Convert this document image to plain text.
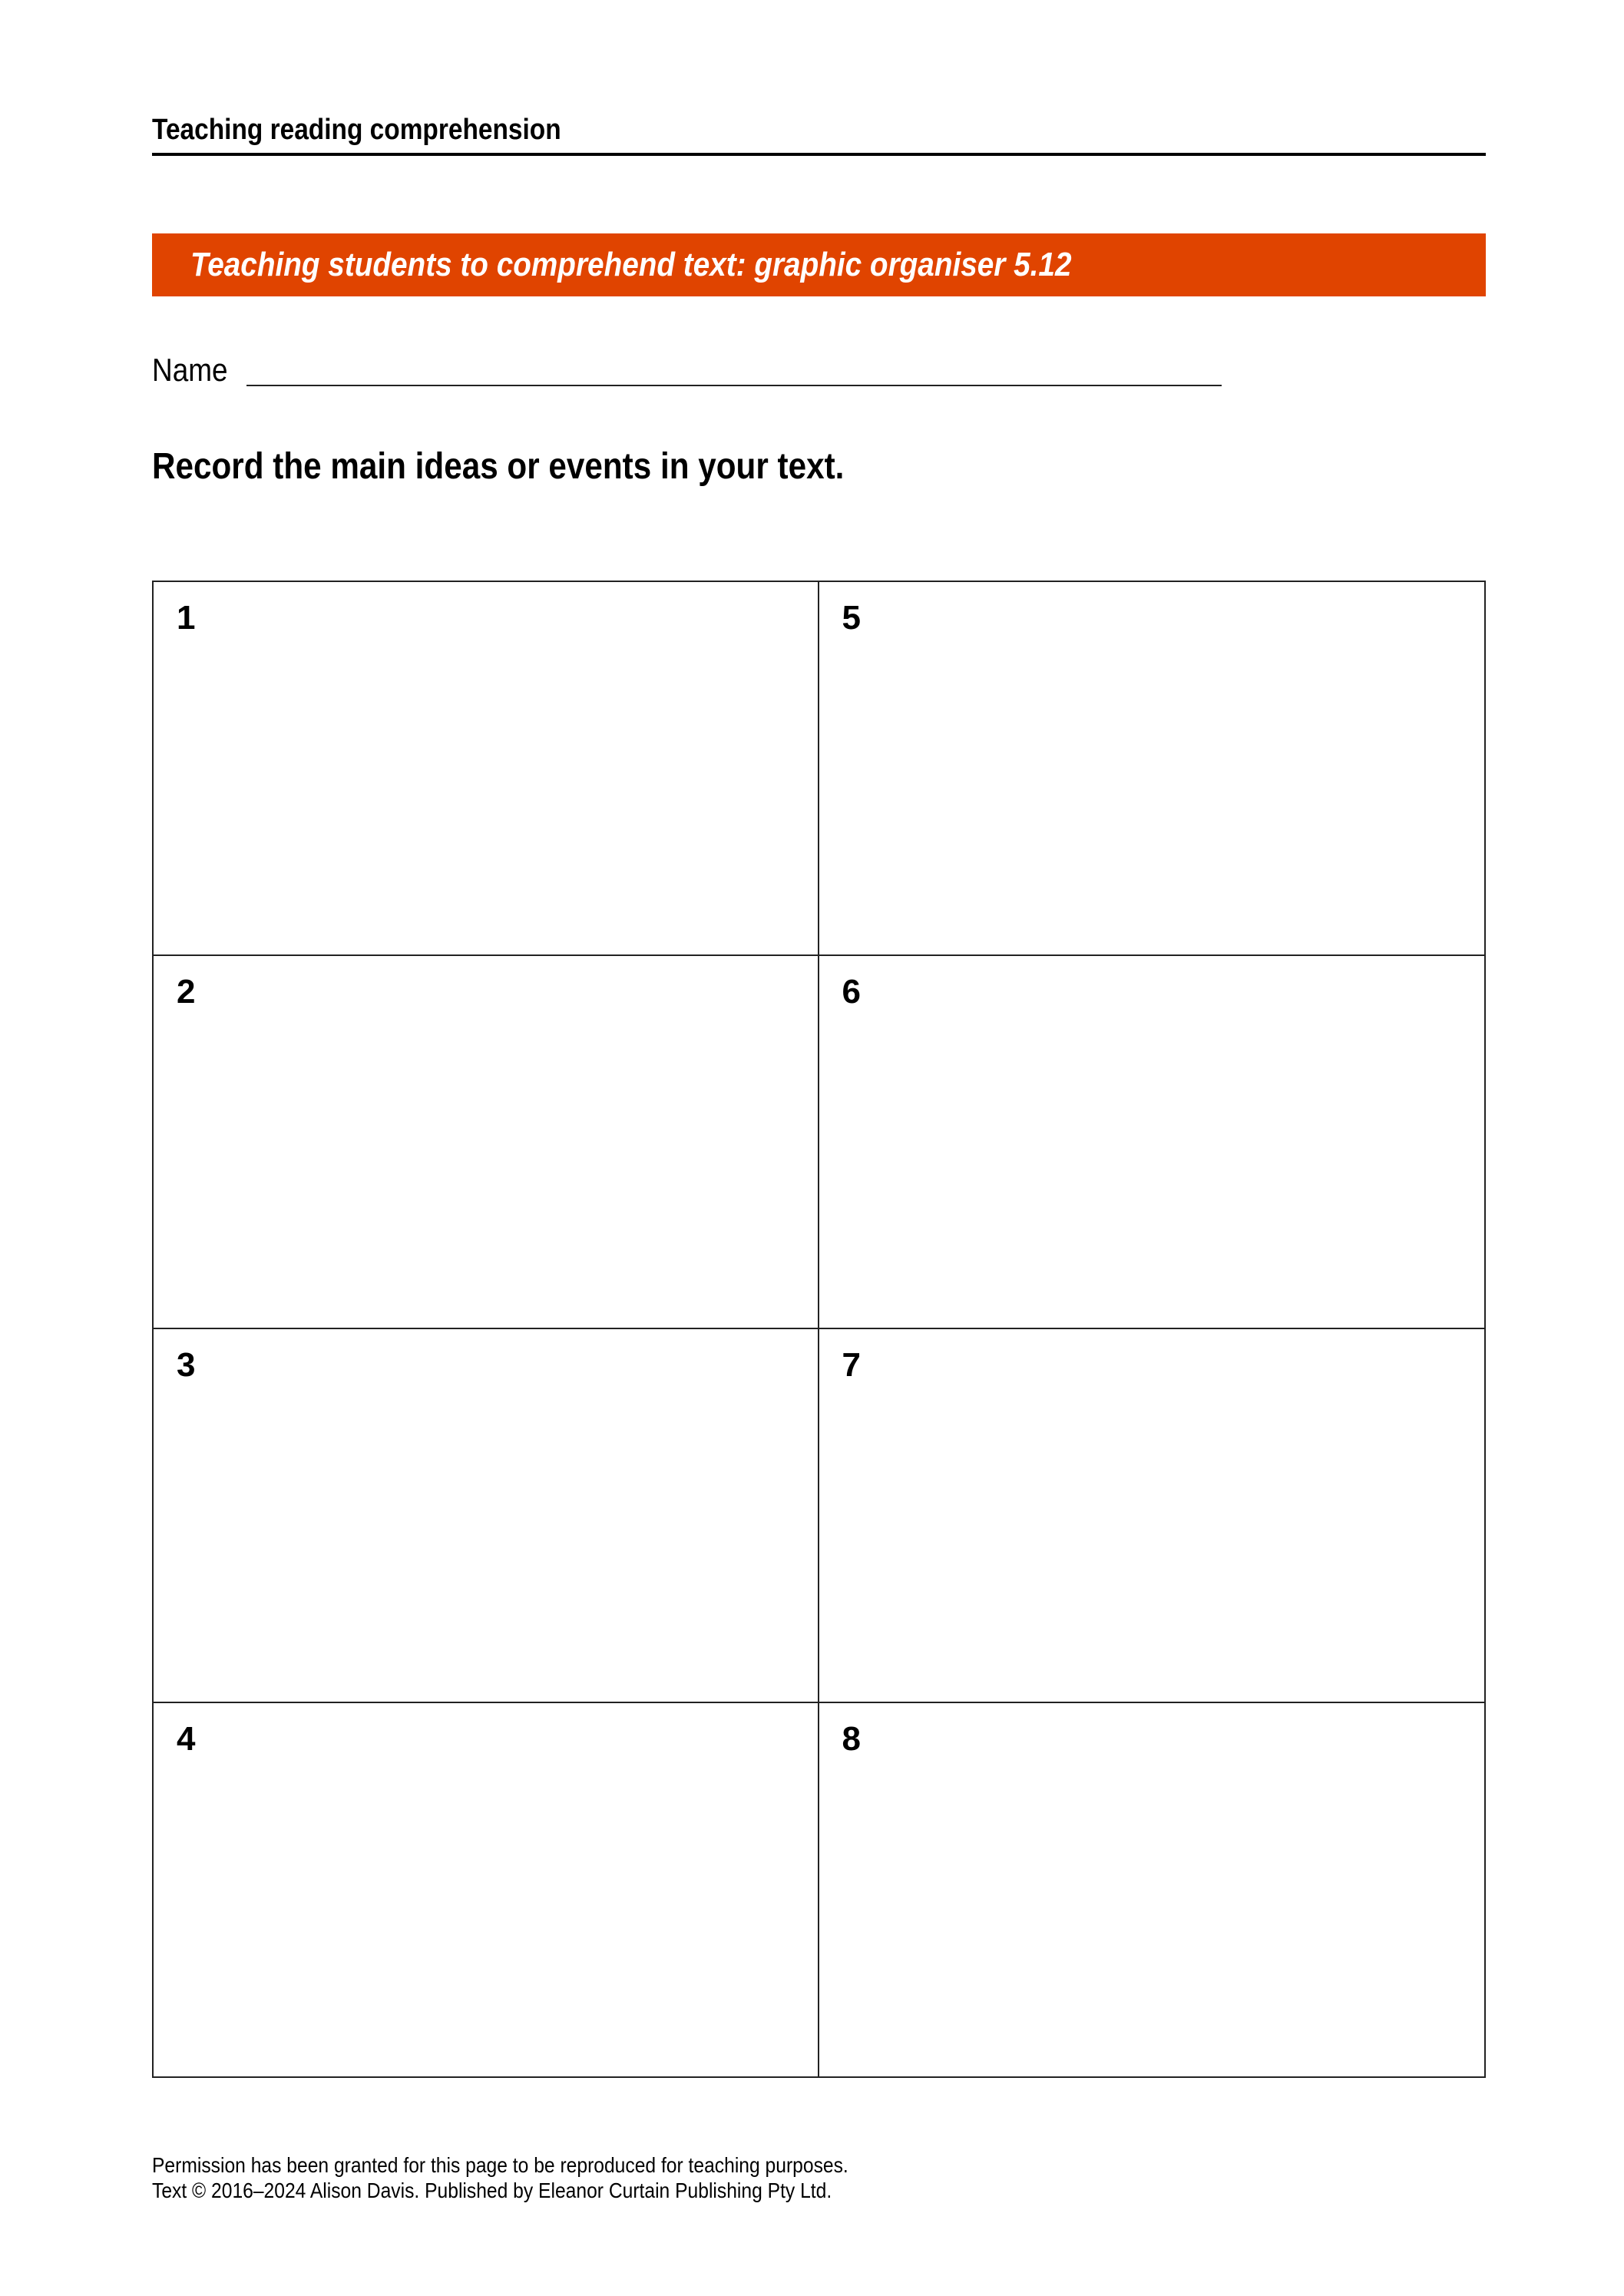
Teaching reading comprehension
Teaching students to comprehend text: graphic organiser 5.12
Name
Record the main ideas or events in your text.
1	5
2	6
3	7
4	8
Permission has been granted for this page to be reproduced for teaching purposes.
Text © 2016–2024 Alison Davis. Published by Eleanor Curtain Publishing Pty Ltd.
